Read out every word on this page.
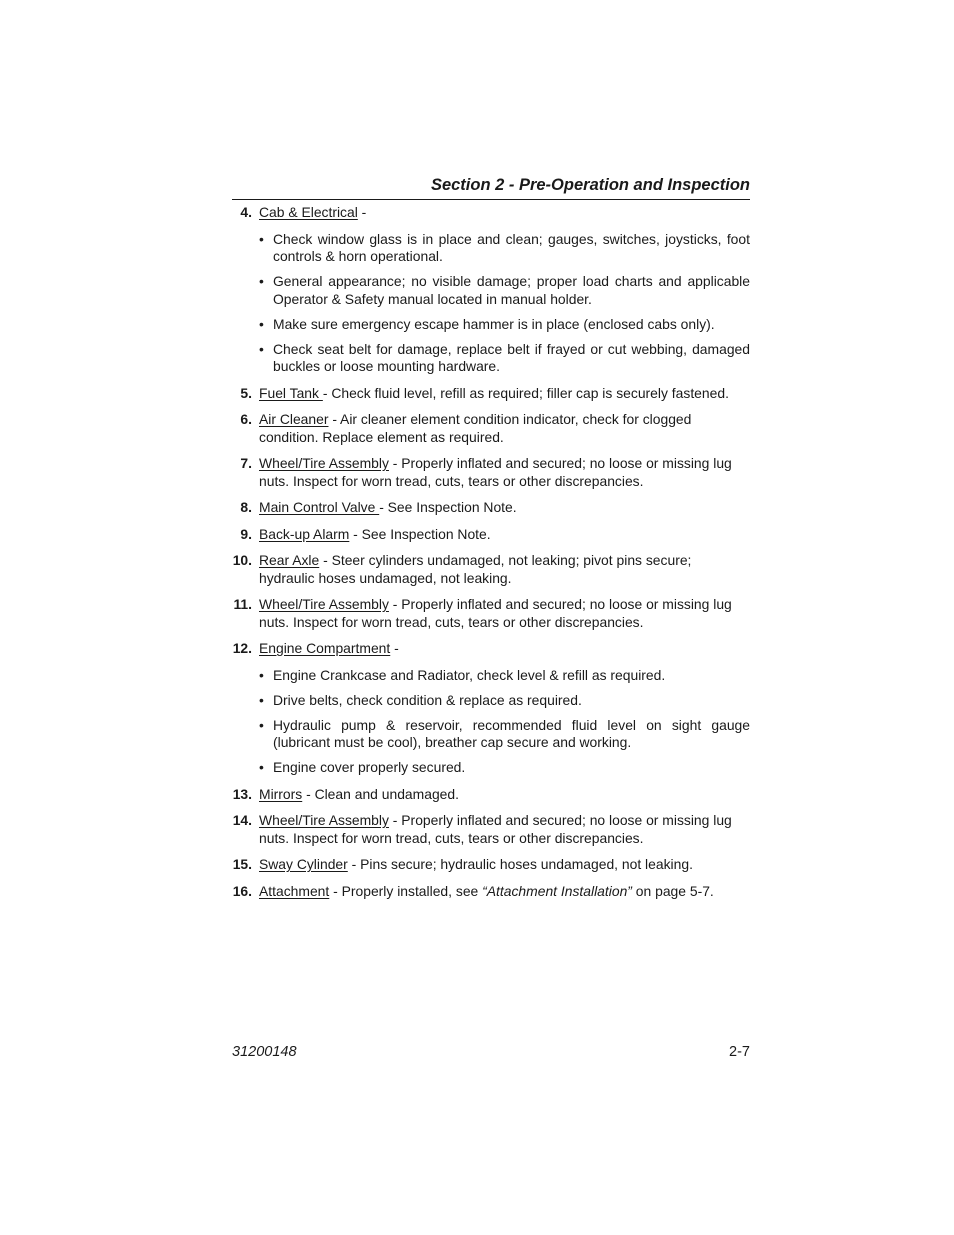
Section 2 - Pre-Operation and Inspection
4. Cab & Electrical -
• Check window glass is in place and clean; gauges, switches, joysticks, foot controls & horn operational.
• General appearance; no visible damage; proper load charts and applicable Operator & Safety manual located in manual holder.
• Make sure emergency escape hammer is in place (enclosed cabs only).
• Check seat belt for damage, replace belt if frayed or cut webbing, damaged buckles or loose mounting hardware.
5. Fuel Tank - Check fluid level, refill as required; filler cap is securely fastened.
6. Air Cleaner - Air cleaner element condition indicator, check for clogged condition. Replace element as required.
7. Wheel/Tire Assembly - Properly inflated and secured; no loose or missing lug nuts. Inspect for worn tread, cuts, tears or other discrepancies.
8. Main Control Valve - See Inspection Note.
9. Back-up Alarm - See Inspection Note.
10. Rear Axle - Steer cylinders undamaged, not leaking; pivot pins secure; hydraulic hoses undamaged, not leaking.
11. Wheel/Tire Assembly - Properly inflated and secured; no loose or missing lug nuts. Inspect for worn tread, cuts, tears or other discrepancies.
12. Engine Compartment -
• Engine Crankcase and Radiator, check level & refill as required.
• Drive belts, check condition & replace as required.
• Hydraulic pump & reservoir, recommended fluid level on sight gauge (lubricant must be cool), breather cap secure and working.
• Engine cover properly secured.
13. Mirrors - Clean and undamaged.
14. Wheel/Tire Assembly - Properly inflated and secured; no loose or missing lug nuts. Inspect for worn tread, cuts, tears or other discrepancies.
15. Sway Cylinder - Pins secure; hydraulic hoses undamaged, not leaking.
16. Attachment - Properly installed, see “Attachment Installation” on page 5-7.
31200148	2-7
